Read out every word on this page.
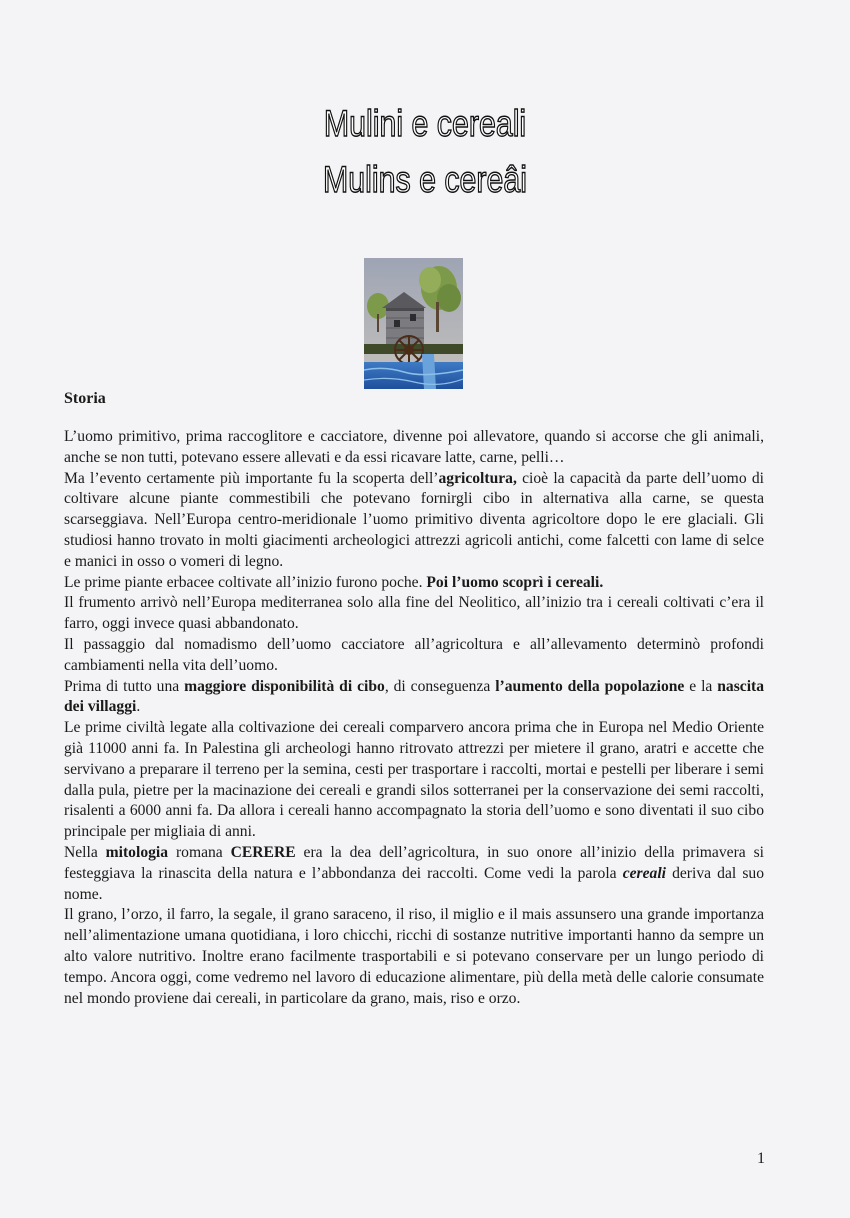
Mulini e cereali
Mulins e cereâi
Storia

L’uomo primitivo, prima raccoglitore e cacciatore, divenne poi allevatore, quando si accorse che gli animali, anche se non tutti, potevano essere allevati e da essi ricavare latte, carne, pelli…

Ma l’evento certamente più importante fu la scoperta dell’agricoltura, cioè la capacità da parte dell’uomo di coltivare alcune piante commestibili che potevano fornirgli cibo in alternativa alla carne, se questa scarseggiava. Nell’Europa centro-meridionale l’uomo primitivo diventa agricoltore dopo le ere glaciali. Gli studiosi hanno trovato in molti giacimenti archeologici attrezzi agricoli antichi, come falcetti con lame di selce e manici in osso o vomeri di legno.

Le prime piante erbacee coltivate all’inizio furono poche. Poi l’uomo scoprì i cereali.

Il frumento arrivò nell’Europa mediterranea solo alla fine del Neolitico, all’inizio tra i cereali coltivati c’era il farro, oggi invece quasi abbandonato.

Il passaggio dal nomadismo dell’uomo cacciatore all’agricoltura e all’allevamento determinò profondi cambiamenti nella vita dell’uomo.

Prima di tutto una maggiore disponibilità di cibo, di conseguenza l’aumento della popolazione e la nascita dei villaggi.

Le prime civiltà legate alla coltivazione dei cereali comparvero ancora prima che in Europa nel Medio Oriente già 11000 anni fa. In Palestina gli archeologi hanno ritrovato attrezzi per mietere il grano, aratri e accette che servivano a preparare il terreno per la semina, cesti per trasportare i raccolti, mortai e pestelli per liberare i semi dalla pula, pietre per la macinazione dei cereali e grandi silos sotterranei per la conservazione dei semi raccolti, risalenti a 6000 anni fa. Da allora i cereali hanno accompagnato la storia dell’uomo e sono diventati il suo cibo principale per migliaia di anni.

Nella mitologia romana CERERE era la dea dell’agricoltura, in suo onore all’inizio della primavera si festeggiava la rinascita della natura e l’abbondanza dei raccolti. Come vedi la parola cereali deriva dal suo nome.

Il grano, l’orzo, il farro, la segale, il grano saraceno, il riso, il miglio e il mais assunsero una grande importanza nell’alimentazione umana quotidiana, i loro chicchi, ricchi di sostanze nutritive importanti hanno da sempre un alto valore nutritivo. Inoltre erano facilmente trasportabili e si potevano conservare per un lungo periodo di tempo. Ancora oggi, come vedremo nel lavoro di educazione alimentare, più della metà delle calorie consumate nel mondo proviene dai cereali, in particolare da grano, mais, riso e orzo.

1
